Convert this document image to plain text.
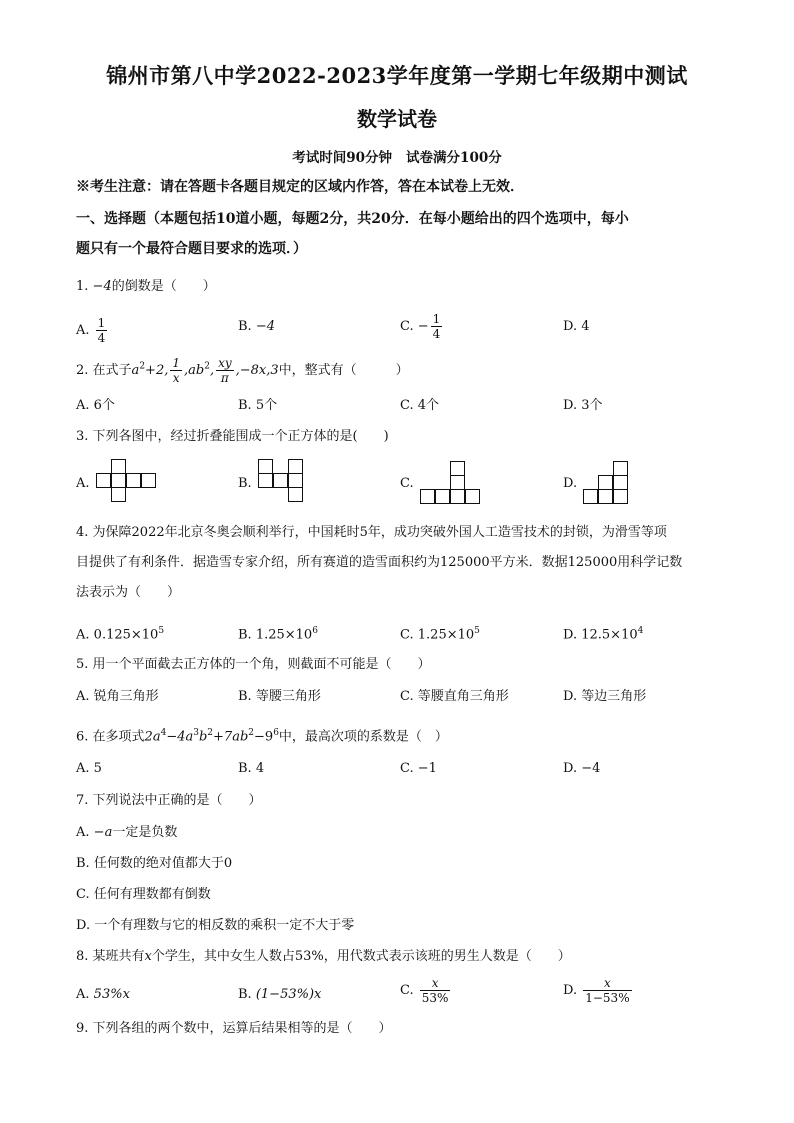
锦州市第八中学2022-2023学年度第一学期七年级期中测试
数学试卷
考试时间90分钟 试卷满分100分
※考生注意：请在答题卡各题目规定的区域内作答，答在本试卷上无效．
一、选择题（本题包括10道小题，每题2分，共20分．在每小题给出的四个选项中，每小
题只有一个最符合题目要求的选项．）
1. −4的倒数是（　　）
A. $\frac{1}{4}$	B. −4	C. − $\frac{1}{4}$	D. 4
2. 在式子$a^2+2$, $\frac{1}{x} ,ab^2$, $\frac{xy}{\pi} ,-8x,3$中，整式有（　　　）
A. 6个	B. 5个	C. 4个	D. 3个
3. 下列各图中，经过折叠能围成一个正方体的是(　　)
A.	B.	C.	D.
4. 为保障2022年北京冬奥会顺利举行，中国耗时5年，成功突破外国人工造雪技术的封锁，为滑雪等项
目提供了有利条件．据造雪专家介绍，所有赛道的造雪面积约为125000平方米．数据125000用科学记数
法表示为（　　）
A. $0.125\times 10^5$	B. $1.25\times 10^6$	C. $1.25\times 10^5$	D. $12.5\times 10^4$
5. 用一个平面截去正方体的一个角，则截面不可能是（　　）
A. 锐角三角形	B. 等腰三角形	C. 等腰直角三角形	D. 等边三角形
6. 在多项式$2a^4-4a^3b^2+7ab^2-9^6$中，最高次项的系数是（　）
A. 5	B. 4	C. −1	D. −4
7. 下列说法中正确的是（　　）
A. −a一定是负数
B. 任何数的绝对值都大于0
C. 任何有理数都有倒数
D. 一个有理数与它的相反数的乘积一定不大于零
8. 某班共有x个学生，其中女生人数占53%，用代数式表示该班的男生人数是（　　）
A. 53%x	B. (1−53%)x	C. $\frac{x}{53\%}$	D. $\frac{x}{1-53\%}$
9. 下列各组的两个数中，运算后结果相等的是（　　）
